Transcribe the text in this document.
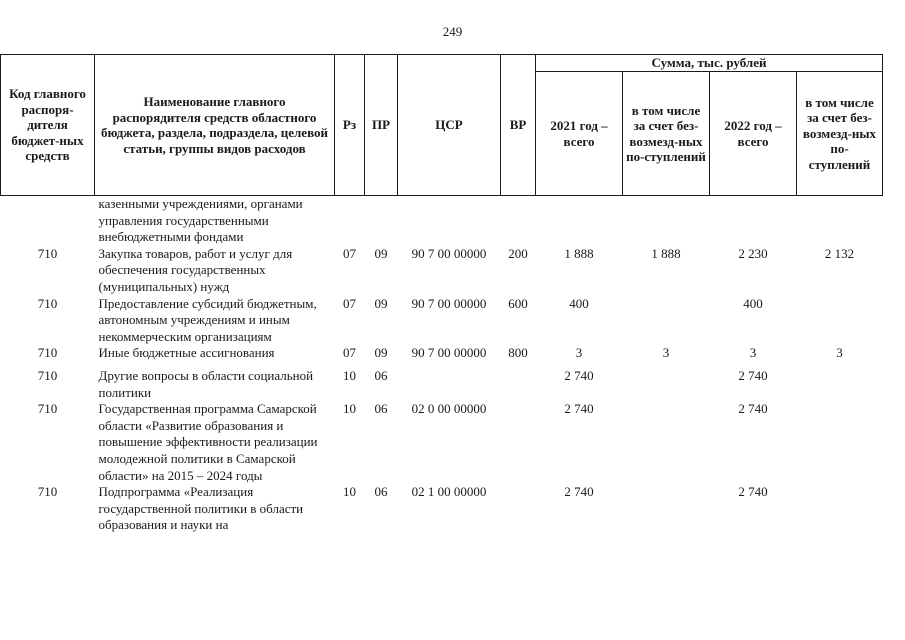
249
Код главного распоря-дителя бюджет-ных средств	Наименование главного распорядителя средств областного бюджета, раздела, подраздела, целевой статьи, группы видов расходов	Рз	ПР	ЦСР	ВР	Сумма, тыс. рублей			
						2021 год – всего	в том числе за счет без-возмезд-ных по-ступлений	2022 год – всего	в том числе за счет без-возмезд-ных по-ступлений
	казенными учреждениями, органами управления государственными внебюджетными фондами								
710	Закупка товаров, работ и услуг для обеспечения государственных (муниципальных) нужд	07	09	90 7 00 00000	200	1 888	1 888	2 230	2 132
710	Предоставление субсидий бюджетным, автономным учреждениям и иным некоммерческим организациям	07	09	90 7 00 00000	600	400		400	
710	Иные бюджетные ассигнования	07	09	90 7 00 00000	800	3	3	3	3
710	Другие вопросы в области социальной политики	10	06			2 740		2 740	
710	Государственная программа Самарской области «Развитие образования и повышение эффективности реализации молодежной политики в Самарской области» на 2015 – 2024 годы	10	06	02 0 00 00000		2 740		2 740	
710	Подпрограмма «Реализация государственной политики в области образования и науки на	10	06	02 1 00 00000		2 740		2 740	
